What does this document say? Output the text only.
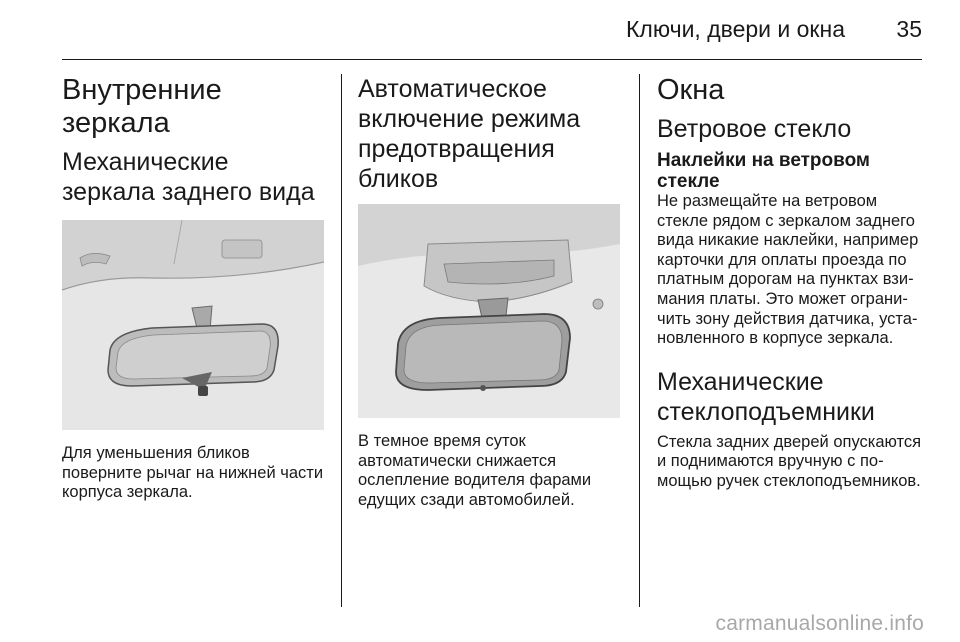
Ключи, двери и окна 35
Внутренние зеркала
Механические зеркала заднего вида
Для уменьшения бликов поверните рычаг на нижней части корпуса зеркала.
Автоматическое включение режима предотвращения бликов
В темное время суток автоматически снижается ослепление водителя фарами едущих сзади автомобилей.
Окна
Ветровое стекло
Наклейки на ветровом стекле
Не размещайте на ветровом стекле рядом с зеркалом заднего вида никакие наклейки, например карточки для оплаты проезда по платным дорогам на пунктах взимания платы. Это может ограничить зону действия датчика, установленного в корпусе зеркала.
Механические стеклоподъемники
Стекла задних дверей опускаются и поднимаются вручную с помощью ручек стеклоподъемников.
carmanualsonline.info
